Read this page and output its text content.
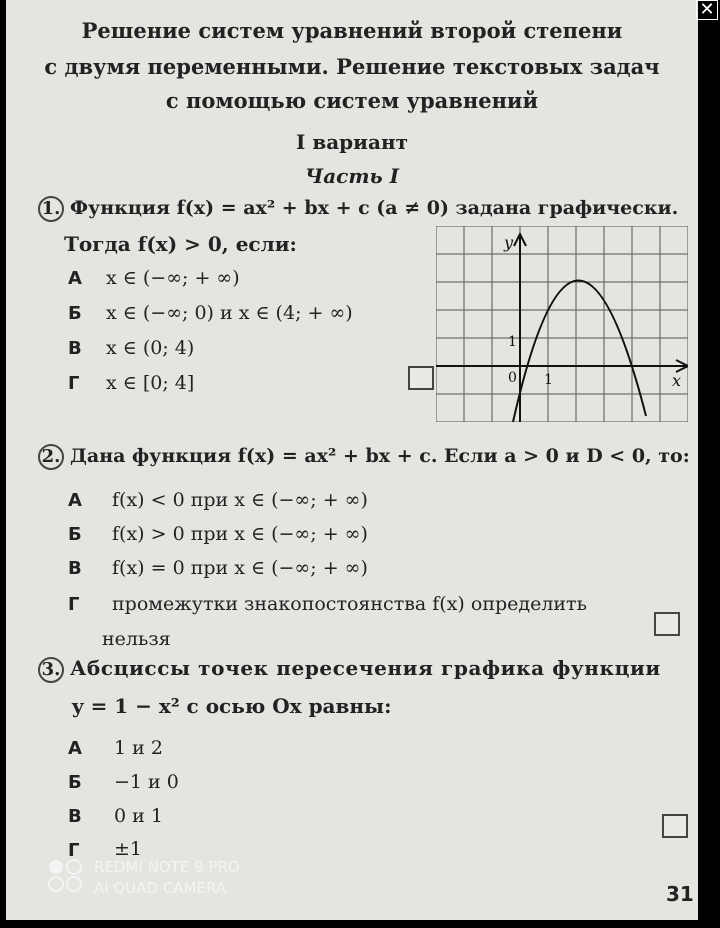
Решение систем уравнений второй степени
с двумя переменными. Решение текстовых задач
с помощью систем уравнений
I вариант
Часть I
1. Функция f(x) = ax² + bx + c (a ≠ 0) задана графически.
Тогда f(x) > 0, если:
А x ∈ (−∞; + ∞)
Б x ∈ (−∞; 0) и x ∈ (4; + ∞)
В x ∈ (0; 4)
Г x ∈ [0; 4]
y
x
0 1
1
2. Дана функция f(x) = ax² + bx + c. Если a > 0 и D < 0, то:
А f(x) < 0 при x ∈ (−∞; + ∞)
Б f(x) > 0 при x ∈ (−∞; + ∞)
В f(x) = 0 при x ∈ (−∞; + ∞)
Г промежутки знакопостоянства f(x) определить
нельзя
3. Абсциссы точек пересечения графика функции
y = 1 − x² с осью Ox равны:
А 1 и 2
Б −1 и 0
В 0 и 1
Г ±1
REDMI NOTE 9 PRO
AI QUAD CAMERA	31
✕
